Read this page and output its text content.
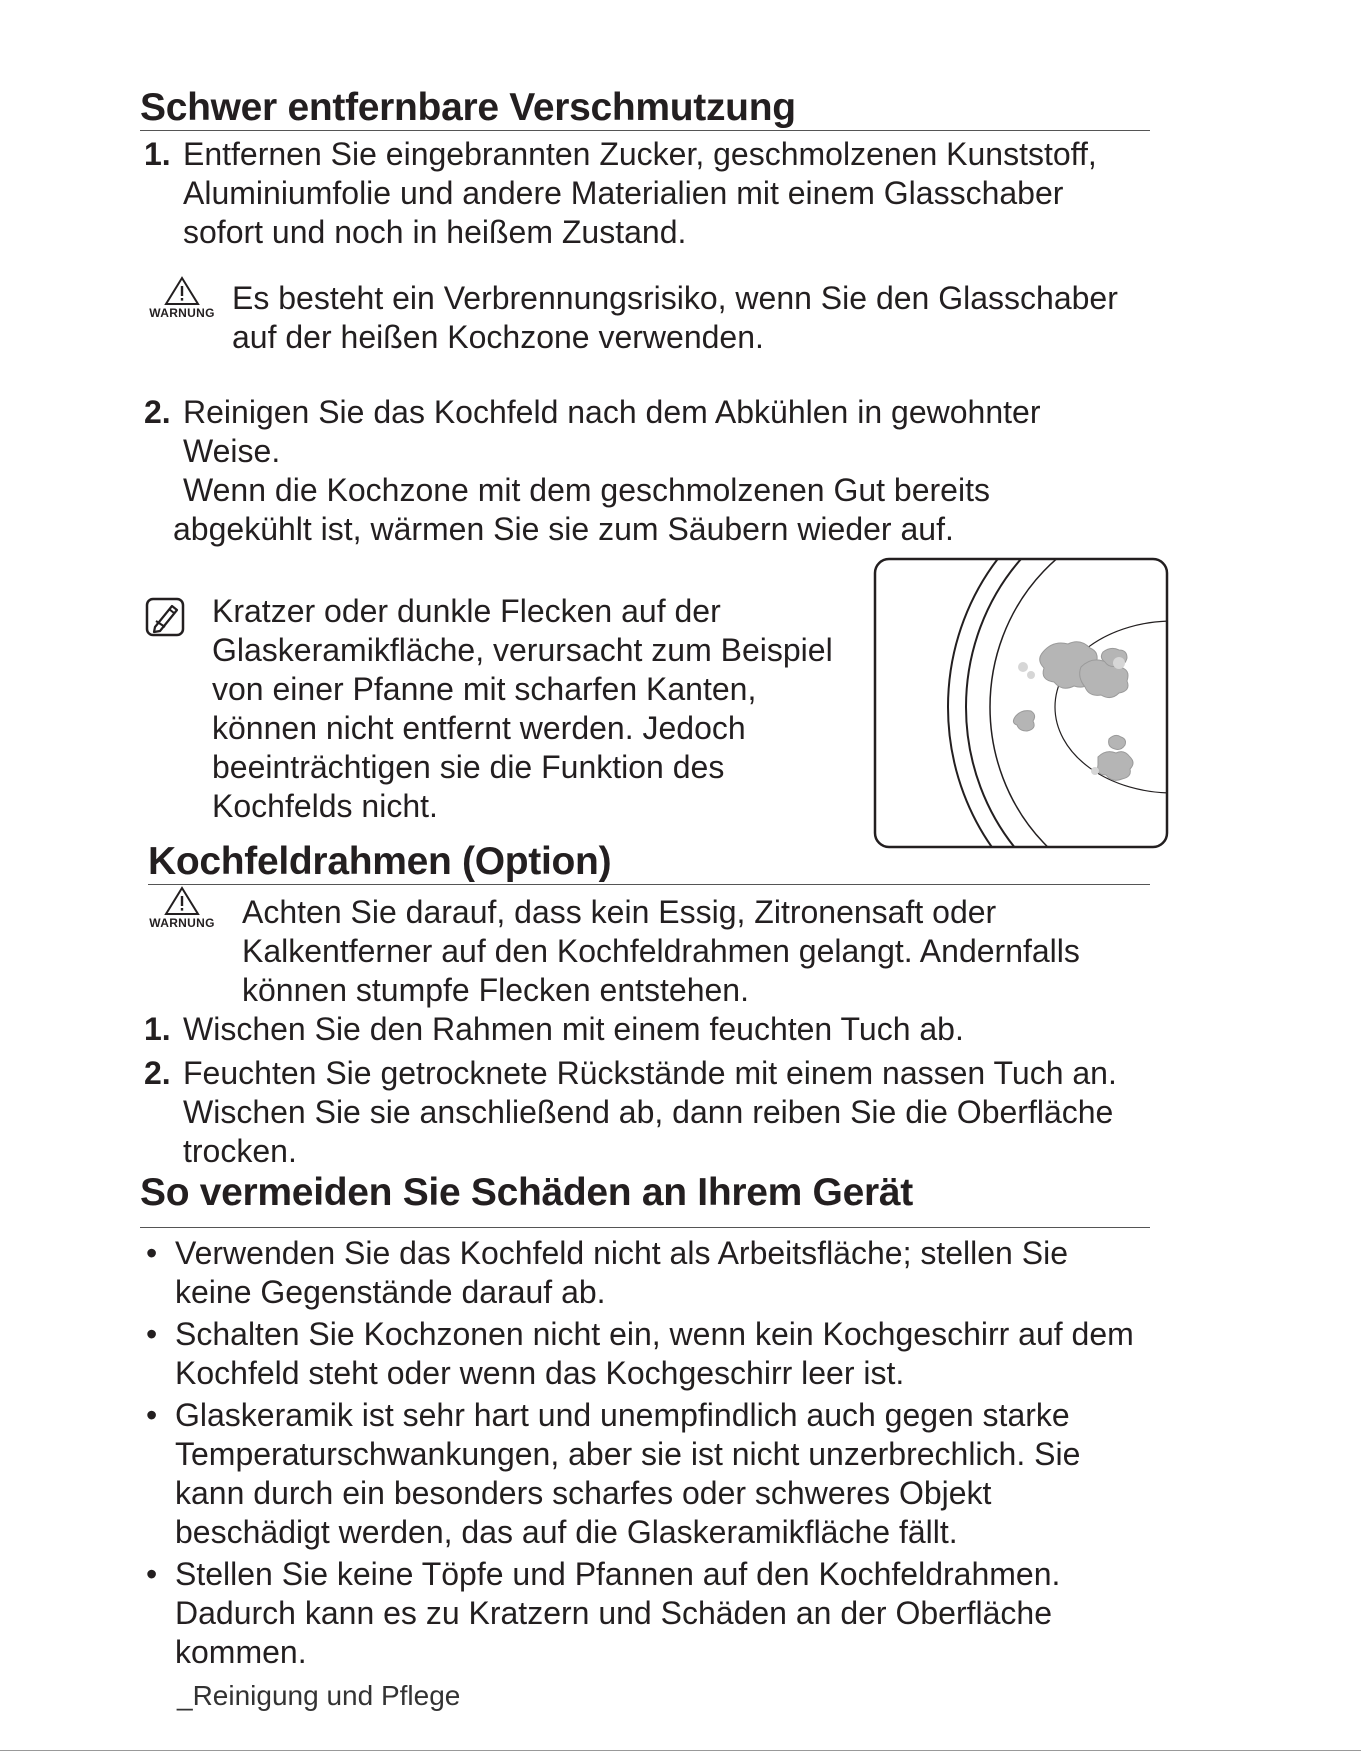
Schwer entfernbare Verschmutzung
1. Entfernen Sie eingebrannten Zucker, geschmolzenen Kunststoff,
Aluminiumfolie und andere Materialien mit einem Glasschaber
sofort und noch in heißem Zustand.
WARNUNG Es besteht ein Verbrennungsrisiko, wenn Sie den Glasschaber
auf der heißen Kochzone verwenden.
2. Reinigen Sie das Kochfeld nach dem Abkühlen in gewohnter
Weise.
Wenn die Kochzone mit dem geschmolzenen Gut bereits
abgekühlt ist, wärmen Sie sie zum Säubern wieder auf.
Kratzer oder dunkle Flecken auf der
Glaskeramikfläche, verursacht zum Beispiel
von einer Pfanne mit scharfen Kanten,
können nicht entfernt werden. Jedoch
beeinträchtigen sie die Funktion des
Kochfelds nicht.
Kochfeldrahmen (Option)
WARNUNG Achten Sie darauf, dass kein Essig, Zitronensaft oder
Kalkentferner auf den Kochfeldrahmen gelangt. Andernfalls
können stumpfe Flecken entstehen.
1. Wischen Sie den Rahmen mit einem feuchten Tuch ab.
2. Feuchten Sie getrocknete Rückstände mit einem nassen Tuch an.
Wischen Sie sie anschließend ab, dann reiben Sie die Oberfläche
trocken.
So vermeiden Sie Schäden an Ihrem Gerät
• Verwenden Sie das Kochfeld nicht als Arbeitsfläche; stellen Sie
keine Gegenstände darauf ab.
• Schalten Sie Kochzonen nicht ein, wenn kein Kochgeschirr auf dem
Kochfeld steht oder wenn das Kochgeschirr leer ist.
• Glaskeramik ist sehr hart und unempfindlich auch gegen starke
Temperaturschwankungen, aber sie ist nicht unzerbrechlich. Sie
kann durch ein besonders scharfes oder schweres Objekt
beschädigt werden, das auf die Glaskeramikfläche fällt.
• Stellen Sie keine Töpfe und Pfannen auf den Kochfeldrahmen.
Dadurch kann es zu Kratzern und Schäden an der Oberfläche
kommen.
_Reinigung und Pflege
